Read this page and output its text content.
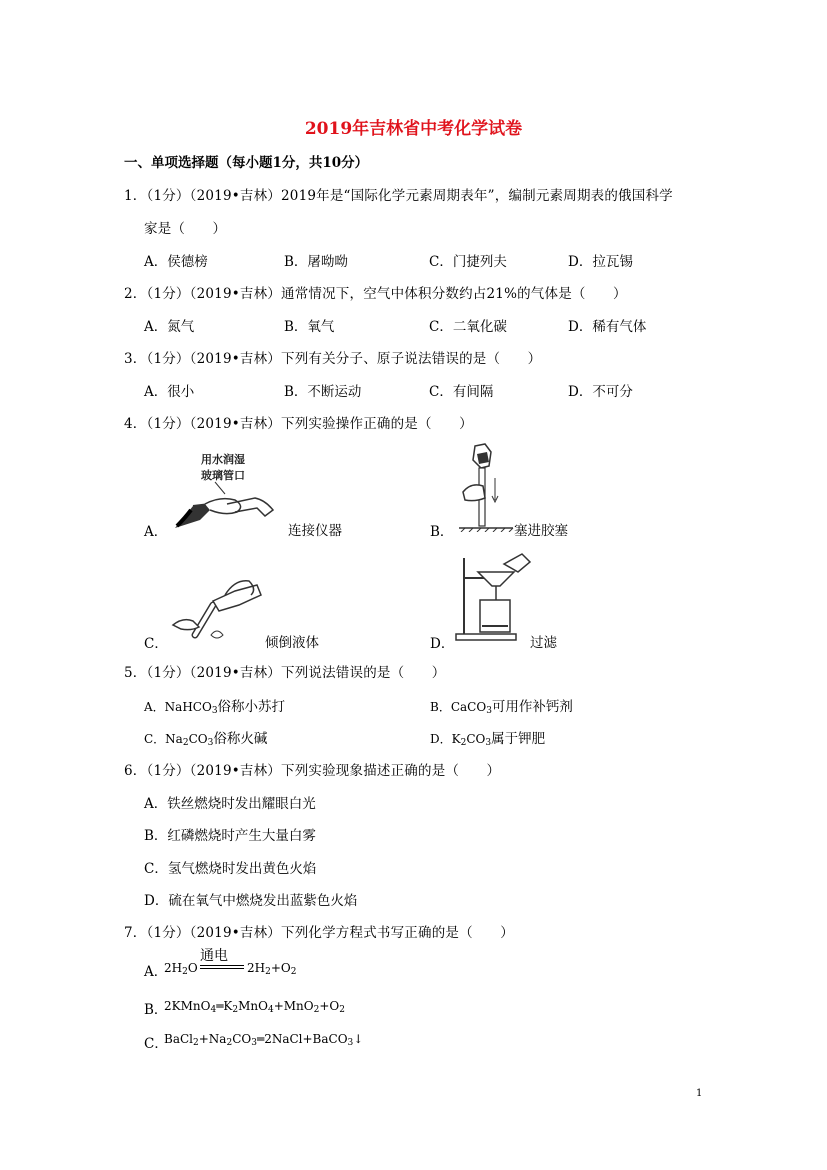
2019年吉林省中考化学试卷
一、单项选择题（每小题1分，共10分）
1．（1分）（2019•吉林）2019年是“国际化学元素周期表年”，编制元素周期表的俄国科学
家是（　　）
A．侯德榜	B．屠呦呦	C．门捷列夫	D．拉瓦锡
2．（1分）（2019•吉林）通常情况下，空气中体积分数约占21%的气体是（　　）
A．氮气	B．氧气	C．二氧化碳	D．稀有气体
3．（1分）（2019•吉林）下列有关分子、原子说法错误的是（　　）
A．很小	B．不断运动	C．有间隔	D．不可分
4．（1分）（2019•吉林）下列实验操作正确的是（　　）
用水润湿
玻璃管口
A．	连接仪器	B．	塞进胶塞
C．	倾倒液体	D．	过滤
5．（1分）（2019•吉林）下列说法错误的是（　　）
A．NaHCO$_3$俗称小苏打	B．CaCO$_3$可用作补钙剂
C．$Na_2CO_3$俗称火碱	D．$K_2CO_3$属于钾肥
6．（1分）（2019•吉林）下列实验现象描述正确的是（　　）
A．铁丝燃烧时发出耀眼白光
B．红磷燃烧时产生大量白雾
C．氢气燃烧时发出黄色火焰
D．硫在氧气中燃烧发出蓝紫色火焰
7．（1分）（2019•吉林）下列化学方程式书写正确的是（　　）
A．
$2H_2O$
通电
$2H_2+O_2$
B．
$2KMnO_4═K_2MnO_4+MnO_2+O_2$
C．
$BaCl_2+Na_2CO_3═2NaCl+BaCO_3↓$
1
